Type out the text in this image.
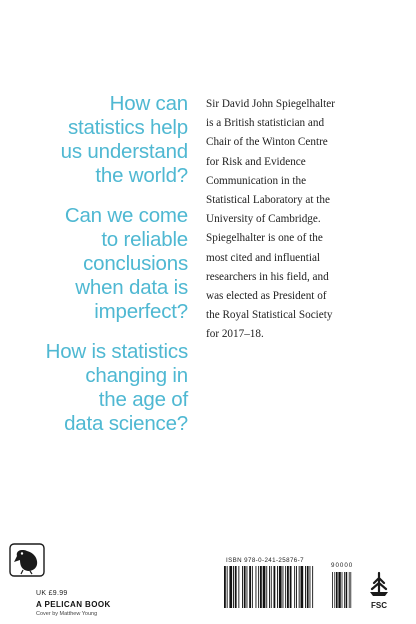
How can
statistics help
us understand
the world?

Can we come
to reliable
conclusions
when data is
imperfect?

How is statistics
changing in
the age of
data science?

Sir David John Spiegelhalter
is a British statistician and
Chair of the Winton Centre
for Risk and Evidence
Communication in the
Statistical Laboratory at the
University of Cambridge.
Spiegelhalter is one of the
most cited and influential
researchers in his field, and
was elected as President of
the Royal Statistical Society
for 2017–18.
UK £9.99
A PELICAN BOOK
Cover by Matthew Young
ISBN 978-0-241-25876-7
90000
FSC
